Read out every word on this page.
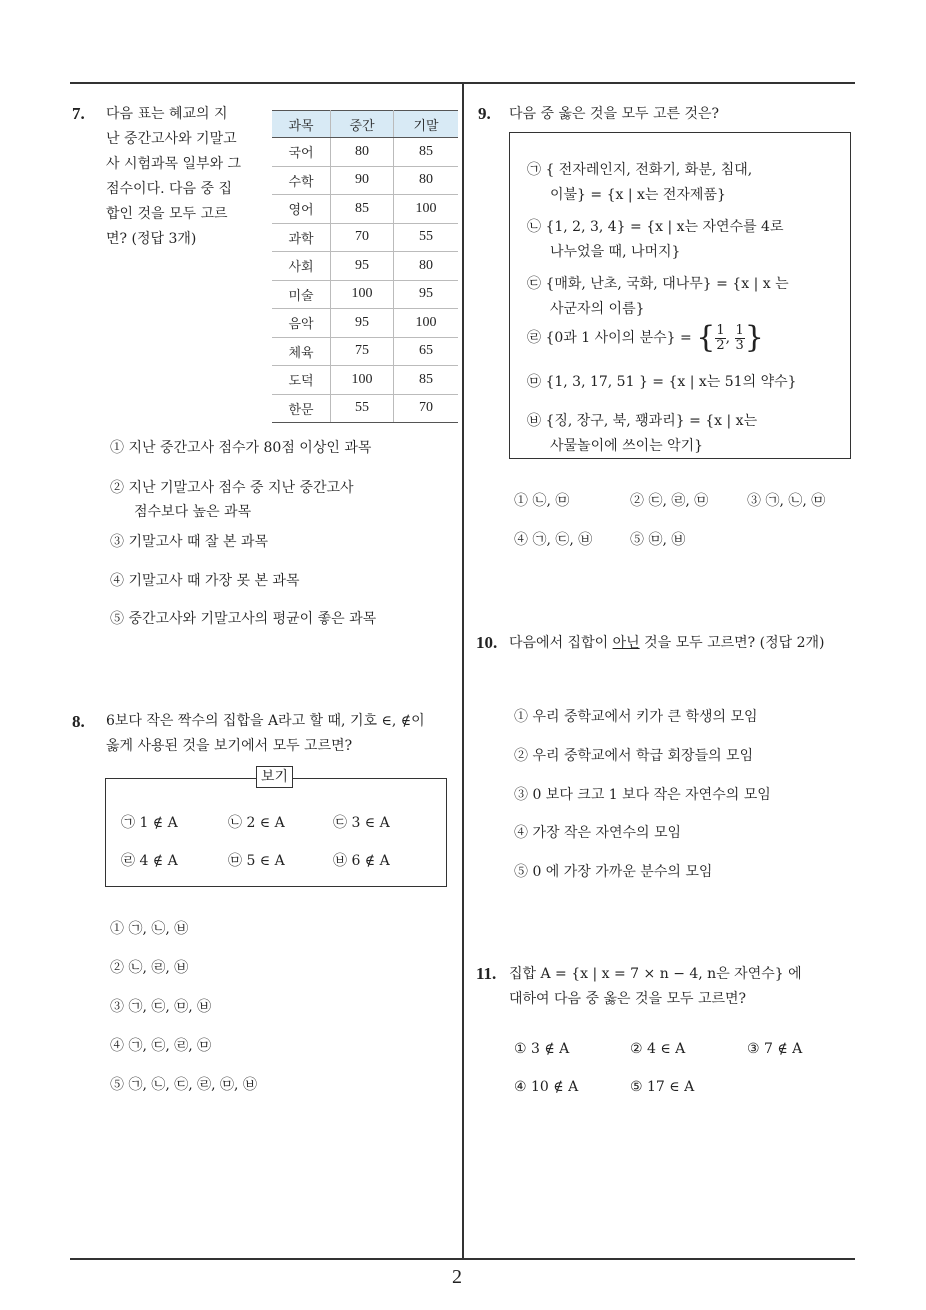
2
7. 다음 표는 혜교의 지
난 중간고사와 기말고
사 시험과목 일부와 그
점수이다. 다음 중 집
합인 것을 모두 고르
면? (정답 3개)
과목	중간	기말
국어	80	85
수학	90	80
영어	85	100
과학	70	55
사회	95	80
미술	100	95
음악	95	100
체육	75	65
도덕	100	85
한문	55	70
① 지난 중간고사 점수가 80점 이상인 과목
② 지난 기말고사 점수 중 지난 중간고사
점수보다 높은 과목
③ 기말고사 때 잘 본 과목
④ 기말고사 때 가장 못 본 과목
⑤ 중간고사와 기말고사의 평균이 좋은 과목
8. 6보다 작은 짝수의 집합을 A라고 할 때, 기호 ∈, ∉이
옳게 사용된 것을 보기에서 모두 고르면?
보기
㉠ 1 ∉ A	㉡ 2 ∈ A	㉢ 3 ∈ A
㉣ 4 ∉ A	㉤ 5 ∈ A	㉥ 6 ∉ A
① ㉠, ㉡, ㉥
② ㉡, ㉣, ㉥
③ ㉠, ㉢, ㉤, ㉥
④ ㉠, ㉢, ㉣, ㉤
⑤ ㉠, ㉡, ㉢, ㉣, ㉤, ㉥
9. 다음 중 옳은 것을 모두 고른 것은?
㉠ { 전자레인지, 전화기, 화분, 침대,
이불} = {x | x는 전자제품}
㉡ {1, 2, 3, 4} = {x | x는 자연수를 4로
나누었을 때, 나머지}
㉢ {매화, 난초, 국화, 대나무} = {x | x 는
사군자의 이름}
㉣ {0과 1 사이의 분수} = { $\frac{1}{2}$ , $\frac{1}{3}$ }
㉤ {1, 3, 17, 51 } = {x | x는 51의 약수}
㉥ {징, 장구, 북, 꽹과리} = {x | x는
사물놀이에 쓰이는 악기}
① ㉡, ㉤	② ㉢, ㉣, ㉤	③ ㉠, ㉡, ㉤
④ ㉠, ㉢, ㉥	⑤ ㉤, ㉥
10. 다음에서 집합이 아닌 것을 모두 고르면? (정답 2개)
① 우리 중학교에서 키가 큰 학생의 모임
② 우리 중학교에서 학급 회장들의 모임
③ 0 보다 크고 1 보다 작은 자연수의 모임
④ 가장 작은 자연수의 모임
⑤ 0 에 가장 가까운 분수의 모임
11. 집합 A = {x | x = 7 × n − 4, n은 자연수} 에
대하여 다음 중 옳은 것을 모두 고르면?
① 3 ∉ A	② 4 ∈ A	③ 7 ∉ A
④ 10 ∉ A	⑤ 17 ∈ A
